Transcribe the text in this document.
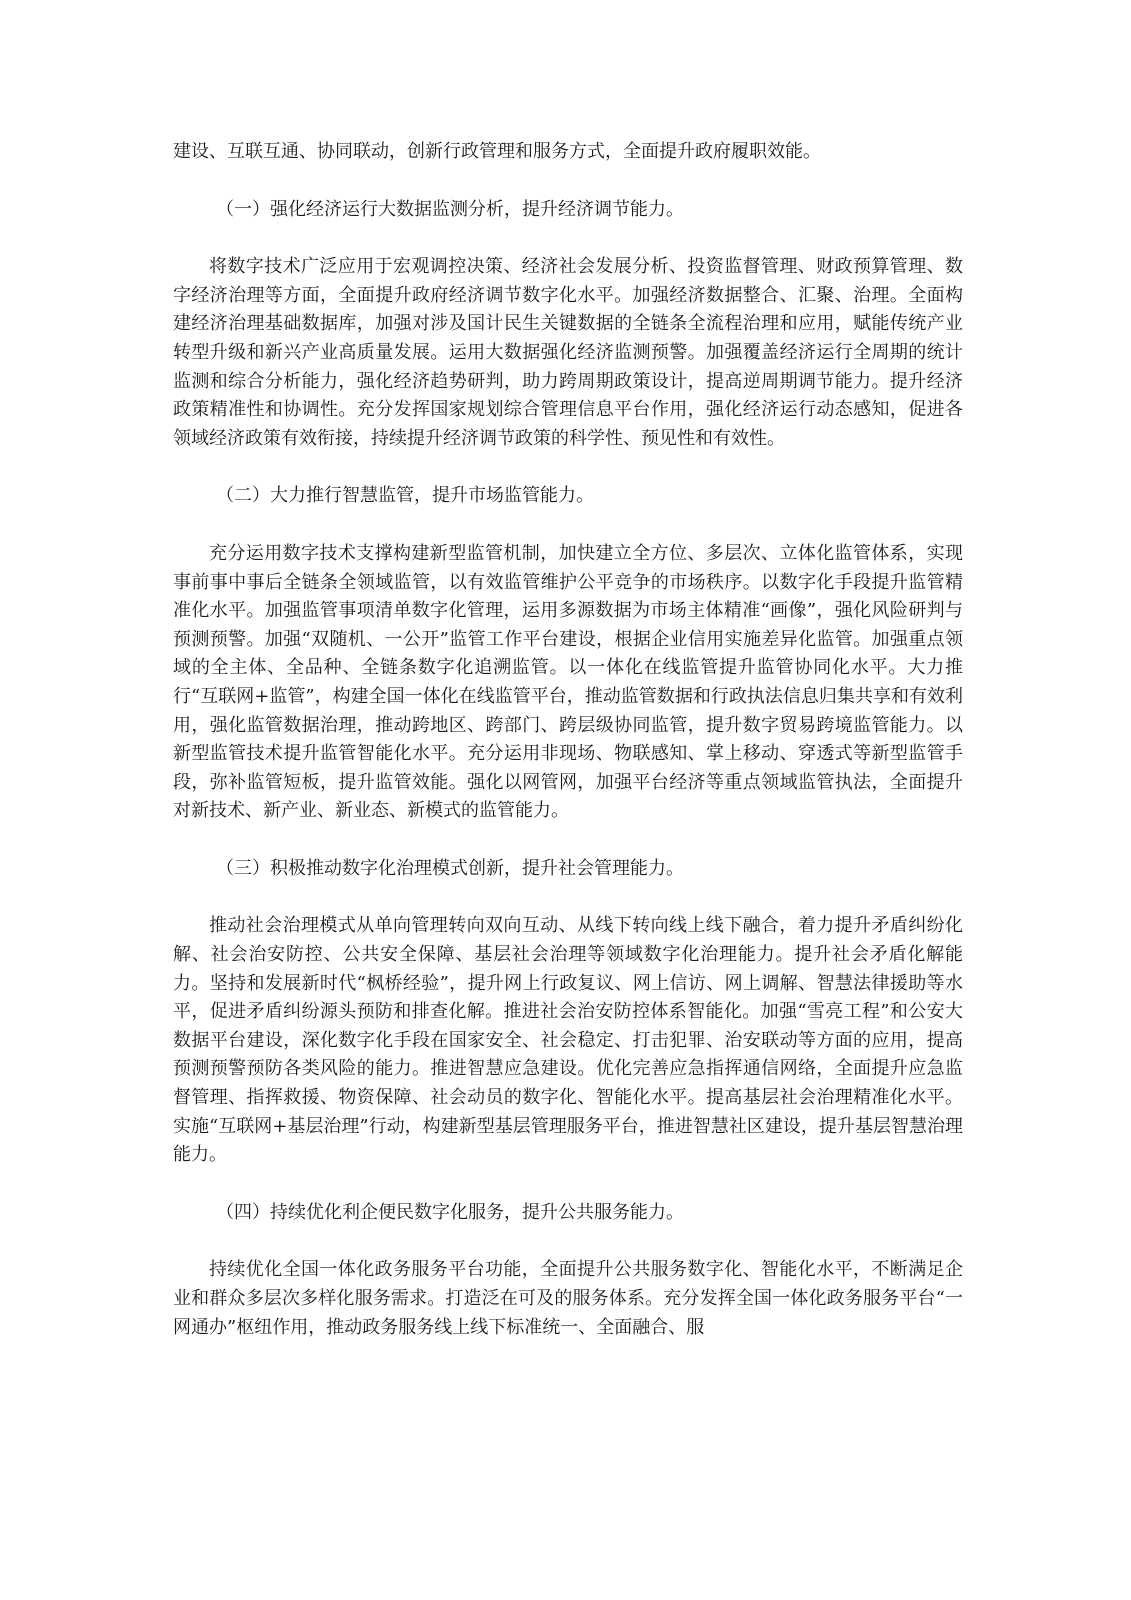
建设、互联互通、协同联动，创新行政管理和服务方式，全面提升政府履职效能。

（一）强化经济运行大数据监测分析，提升经济调节能力。

将数字技术广泛应用于宏观调控决策、经济社会发展分析、投资监督管理、财政预算管理、数字经济治理等方面，全面提升政府经济调节数字化水平。加强经济数据整合、汇聚、治理。全面构建经济治理基础数据库，加强对涉及国计民生关键数据的全链条全流程治理和应用，赋能传统产业转型升级和新兴产业高质量发展。运用大数据强化经济监测预警。加强覆盖经济运行全周期的统计监测和综合分析能力，强化经济趋势研判，助力跨周期政策设计，提高逆周期调节能力。提升经济政策精准性和协调性。充分发挥国家规划综合管理信息平台作用，强化经济运行动态感知，促进各领域经济政策有效衔接，持续提升经济调节政策的科学性、预见性和有效性。

（二）大力推行智慧监管，提升市场监管能力。

充分运用数字技术支撑构建新型监管机制，加快建立全方位、多层次、立体化监管体系，实现事前事中事后全链条全领域监管，以有效监管维护公平竞争的市场秩序。以数字化手段提升监管精准化水平。加强监管事项清单数字化管理，运用多源数据为市场主体精准“画像”，强化风险研判与预测预警。加强“双随机、一公开”监管工作平台建设，根据企业信用实施差异化监管。加强重点领域的全主体、全品种、全链条数字化追溯监管。以一体化在线监管提升监管协同化水平。大力推行“互联网+监管”，构建全国一体化在线监管平台，推动监管数据和行政执法信息归集共享和有效利用，强化监管数据治理，推动跨地区、跨部门、跨层级协同监管，提升数字贸易跨境监管能力。以新型监管技术提升监管智能化水平。充分运用非现场、物联感知、掌上移动、穿透式等新型监管手段，弥补监管短板，提升监管效能。强化以网管网，加强平台经济等重点领域监管执法，全面提升对新技术、新产业、新业态、新模式的监管能力。

（三）积极推动数字化治理模式创新，提升社会管理能力。

推动社会治理模式从单向管理转向双向互动、从线下转向线上线下融合，着力提升矛盾纠纷化解、社会治安防控、公共安全保障、基层社会治理等领域数字化治理能力。提升社会矛盾化解能力。坚持和发展新时代“枫桥经验”，提升网上行政复议、网上信访、网上调解、智慧法律援助等水平，促进矛盾纠纷源头预防和排查化解。推进社会治安防控体系智能化。加强“雪亮工程”和公安大数据平台建设，深化数字化手段在国家安全、社会稳定、打击犯罪、治安联动等方面的应用，提高预测预警预防各类风险的能力。推进智慧应急建设。优化完善应急指挥通信网络，全面提升应急监督管理、指挥救援、物资保障、社会动员的数字化、智能化水平。提高基层社会治理精准化水平。实施“互联网+基层治理”行动，构建新型基层管理服务平台，推进智慧社区建设，提升基层智慧治理能力。

（四）持续优化利企便民数字化服务，提升公共服务能力。

持续优化全国一体化政务服务平台功能，全面提升公共服务数字化、智能化水平，不断满足企业和群众多层次多样化服务需求。打造泛在可及的服务体系。充分发挥全国一体化政务服务平台“一网通办”枢纽作用，推动政务服务线上线下标准统一、全面融合、服
